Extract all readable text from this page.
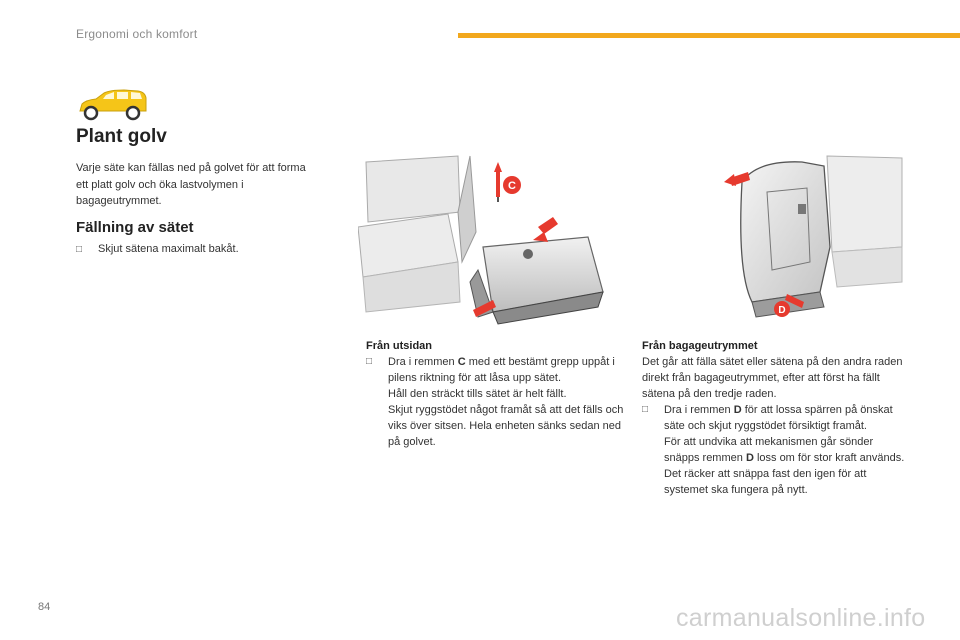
Ergonomi och komfort
Plant golv
Varje säte kan fällas ned på golvet för att forma ett platt golv och öka lastvolymen i bagageutrymmet.
Fällning av sätet
□ Skjut sätena maximalt bakåt.
C
D
Från utsidan
□	Dra i remmen C med ett bestämt grepp uppåt i pilens riktning för att låsa upp sätet.

Håll den sträckt tills sätet är helt fällt.

Skjut ryggstödet något framåt så att det fälls och viks över sitsen. Hela enheten sänks sedan ned på golvet.

Från bagageutrymmet

Det går att fälla sätet eller sätena på den andra raden direkt från bagageutrymmet, efter att först ha fällt sätena på den tredje raden.

□	Dra i remmen D för att lossa spärren på önskat säte och skjut ryggstödet försiktigt framåt.

För att undvika att mekanismen går sönder snäpps remmen D loss om för stor kraft används. Det räcker att snäppa fast den igen för att systemet ska fungera på nytt.

84	carmanualsonline.info
